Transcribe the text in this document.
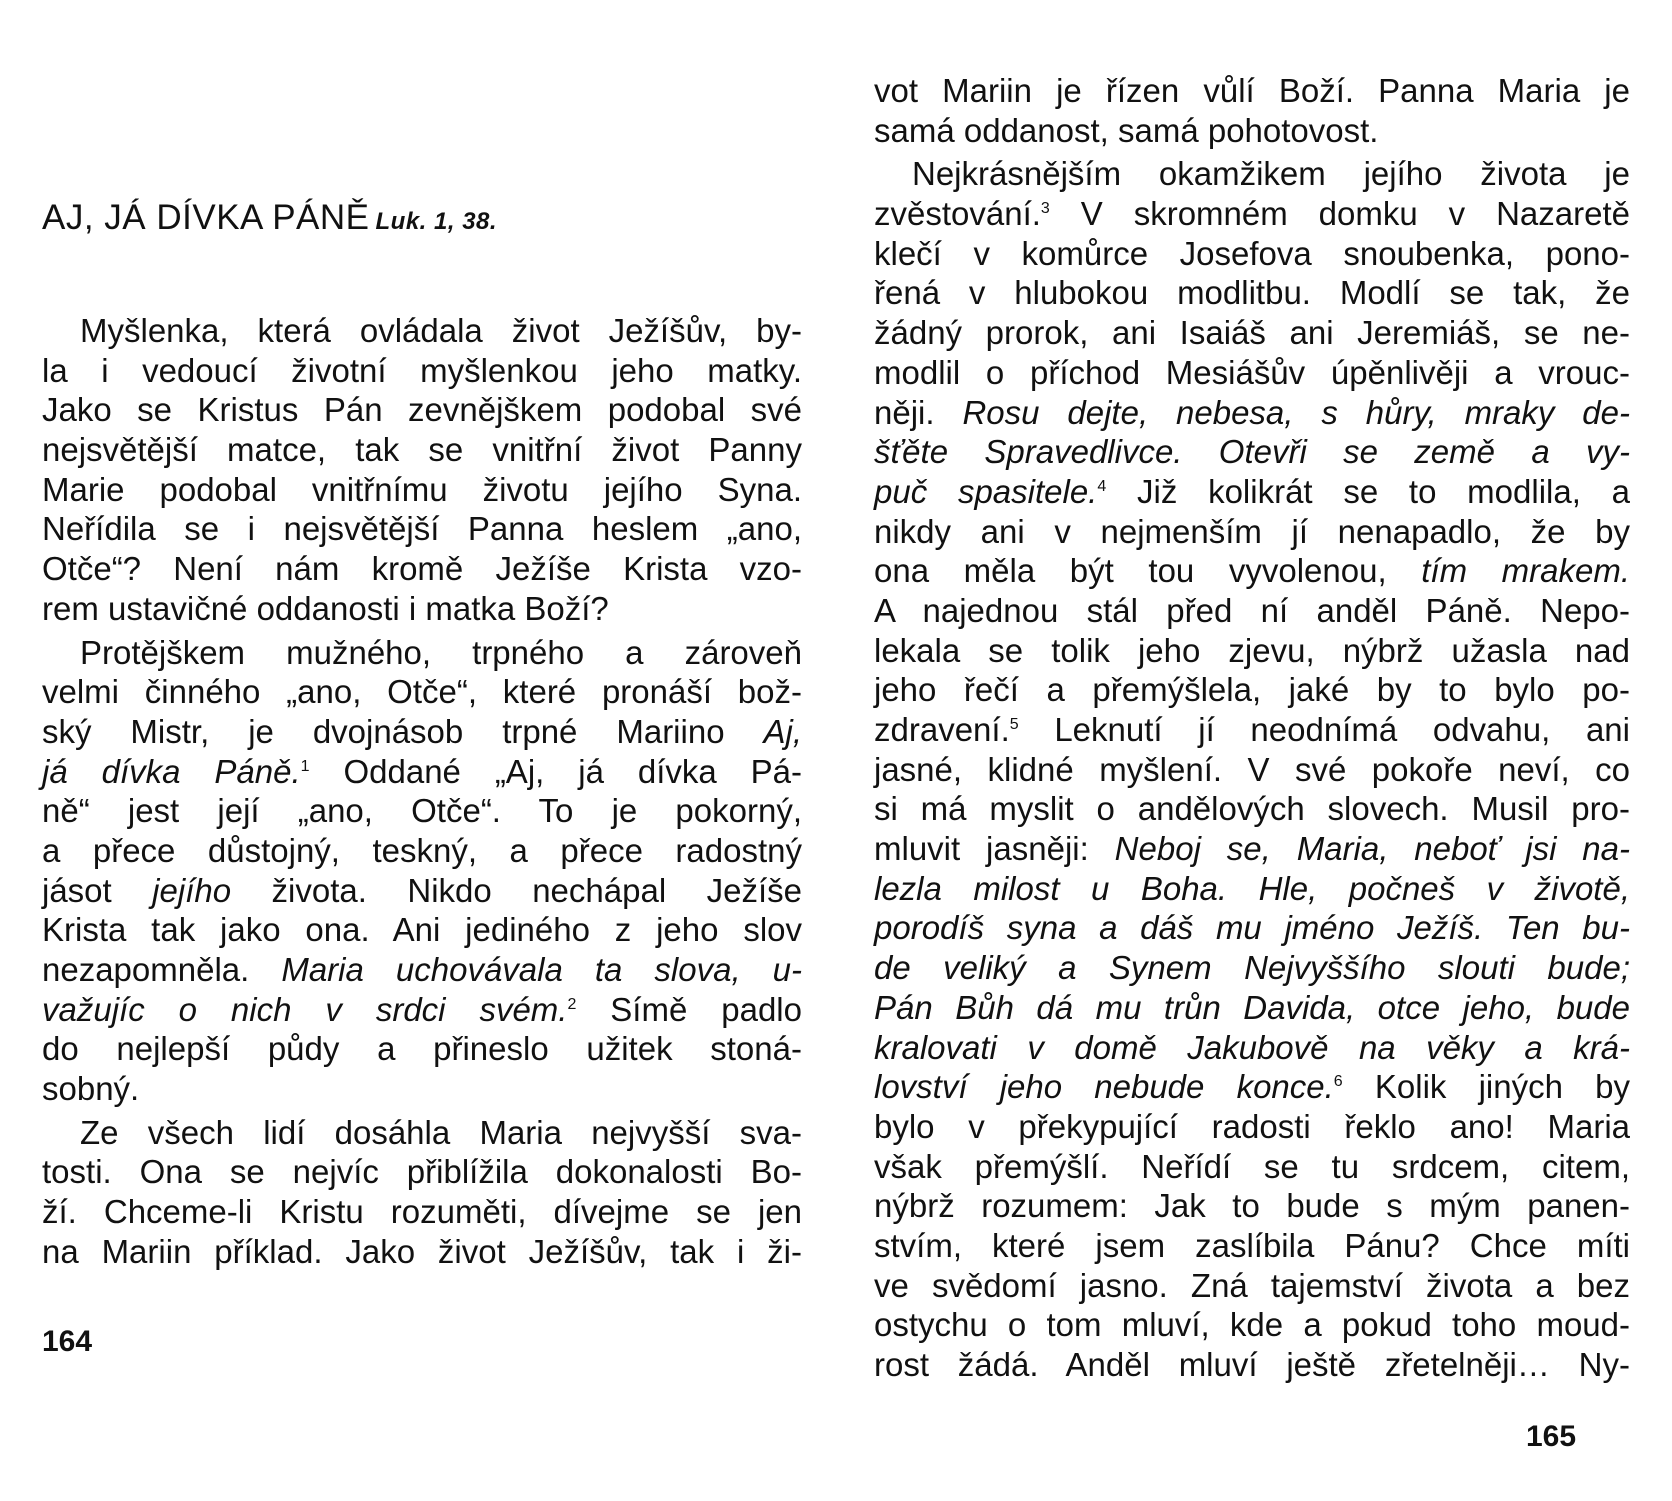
AJ, JÁ DÍVKA PÁNĚ Luk. 1, 38.
Myšlenka, která ovládala život Ježíšův, by-
la i vedoucí životní myšlenkou jeho matky.
Jako se Kristus Pán zevnějškem podobal své
nejsvětější matce, tak se vnitřní život Panny
Marie podobal vnitřnímu životu jejího Syna.
Neřídila se i nejsvětější Panna heslem „ano,
Otče“? Není nám kromě Ježíše Krista vzo-
rem ustavičné oddanosti i matka Boží?
Protějškem mužného, trpného a zároveň
velmi činného „ano, Otče“, které pronáší bož-
ský Mistr, je dvojnásob trpné Mariino Aj,
já dívka Páně.$^1$ Oddané „Aj, já dívka Pá-
ně“ jest její „ano, Otče“. To je pokorný,
a přece důstojný, teskný, a přece radostný
jásot jejího života. Nikdo nechápal Ježíše
Krista tak jako ona. Ani jediného z jeho slov
nezapomněla. Maria uchovávala ta slova, u-
važujíc o nich v srdci svém.$^2$ Símě padlo
do nejlepší půdy a přineslo užitek stoná-
sobný.
Ze všech lidí dosáhla Maria nejvyšší sva-
tosti. Ona se nejvíc přiblížila dokonalosti Bo-
ží. Chceme-li Kristu rozuměti, dívejme se jen
na Mariin příklad. Jako život Ježíšův, tak i ži-
164
vot Mariin je řízen vůlí Boží. Panna Maria je
samá oddanost, samá pohotovost.
Nejkrásnějším okamžikem jejího života je
zvěstování.$^3$ V skromném domku v Nazaretě
klečí v komůrce Josefova snoubenka, pono-
řená v hlubokou modlitbu. Modlí se tak, že
žádný prorok, ani Isaiáš ani Jeremiáš, se ne-
modlil o příchod Mesiášův úpěnlivěji a vrouc-
něji. Rosu dejte, nebesa, s hůry, mraky de-
šťěte Spravedlivce. Otevři se země a vy-
puč spasitele.$^4$ Již kolikrát se to modlila, a
nikdy ani v nejmenším jí nenapadlo, že by
ona měla být tou vyvolenou, tím mrakem.
A najednou stál před ní anděl Páně. Nepo-
lekala se tolik jeho zjevu, nýbrž užasla nad
jeho řečí a přemýšlela, jaké by to bylo po-
zdravení.$^5$ Leknutí jí neodnímá odvahu, ani
jasné, klidné myšlení. V své pokoře neví, co
si má myslit o andělových slovech. Musil pro-
mluvit jasněji: Neboj se, Maria, neboť jsi na-
lezla milost u Boha. Hle, počneš v životě,
porodíš syna a dáš mu jméno Ježíš. Ten bu-
de veliký a Synem Nejvyššího slouti bude;
Pán Bůh dá mu trůn Davida, otce jeho, bude
kralovati v domě Jakubově na věky a krá-
lovství jeho nebude konce.$^6$ Kolik jiných by
bylo v překypující radosti řeklo ano! Maria
však přemýšlí. Neřídí se tu srdcem, citem,
nýbrž rozumem: Jak to bude s mým panen-
stvím, které jsem zaslíbila Pánu? Chce míti
ve svědomí jasno. Zná tajemství života a bez
ostychu o tom mluví, kde a pokud toho moud-
rost žádá. Anděl mluví ještě zřetelněji… Ny-
165
